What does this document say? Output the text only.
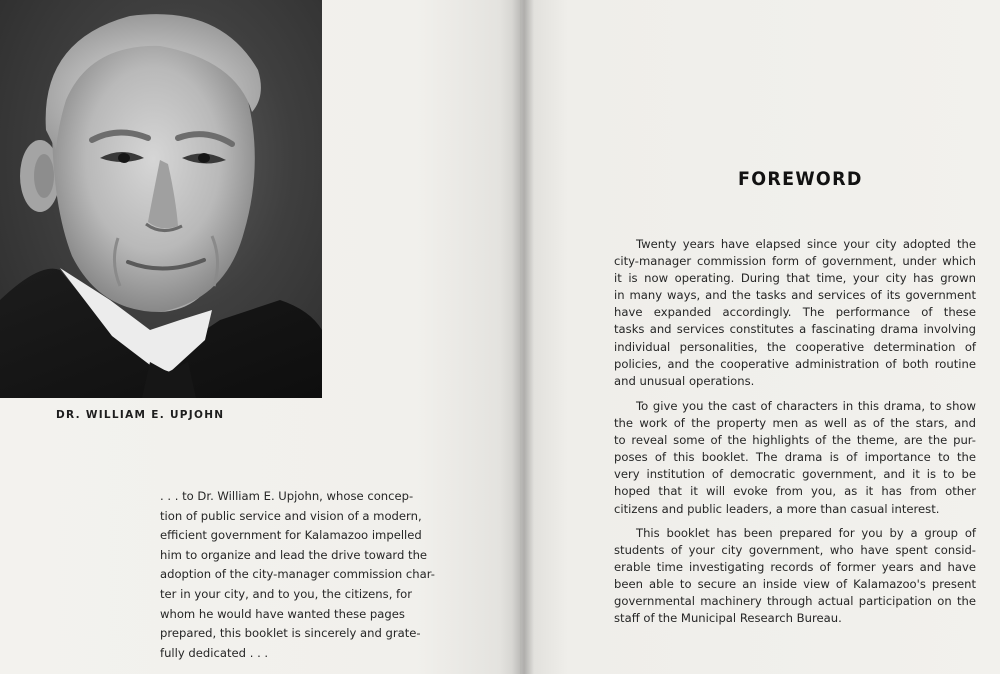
DR. WILLIAM E. UPJOHN
. . . to Dr. William E. Upjohn, whose concep-
tion of public service and vision of a modern,
efficient government for Kalamazoo impelled
him to organize and lead the drive toward the
adoption of the city-manager commission char-
ter in your city, and to you, the citizens, for
whom he would have wanted these pages
prepared, this booklet is sincerely and grate-
fully dedicated . . .
FOREWORD
Twenty years have elapsed since your city adopted the
city-manager commission form of government, under which
it is now operating. During that time, your city has grown
in many ways, and the tasks and services of its government
have expanded accordingly. The performance of these
tasks and services constitutes a fascinating drama involving
individual personalities, the cooperative determination of
policies, and the cooperative administration of both routine
and unusual operations.
To give you the cast of characters in this drama, to show
the work of the property men as well as of the stars, and
to reveal some of the highlights of the theme, are the pur-
poses of this booklet. The drama is of importance to the
very institution of democratic government, and it is to be
hoped that it will evoke from you, as it has from other
citizens and public leaders, a more than casual interest.
This booklet has been prepared for you by a group of
students of your city government, who have spent consid-
erable time investigating records of former years and have
been able to secure an inside view of Kalamazoo's present
governmental machinery through actual participation on the
staff of the Municipal Research Bureau.
